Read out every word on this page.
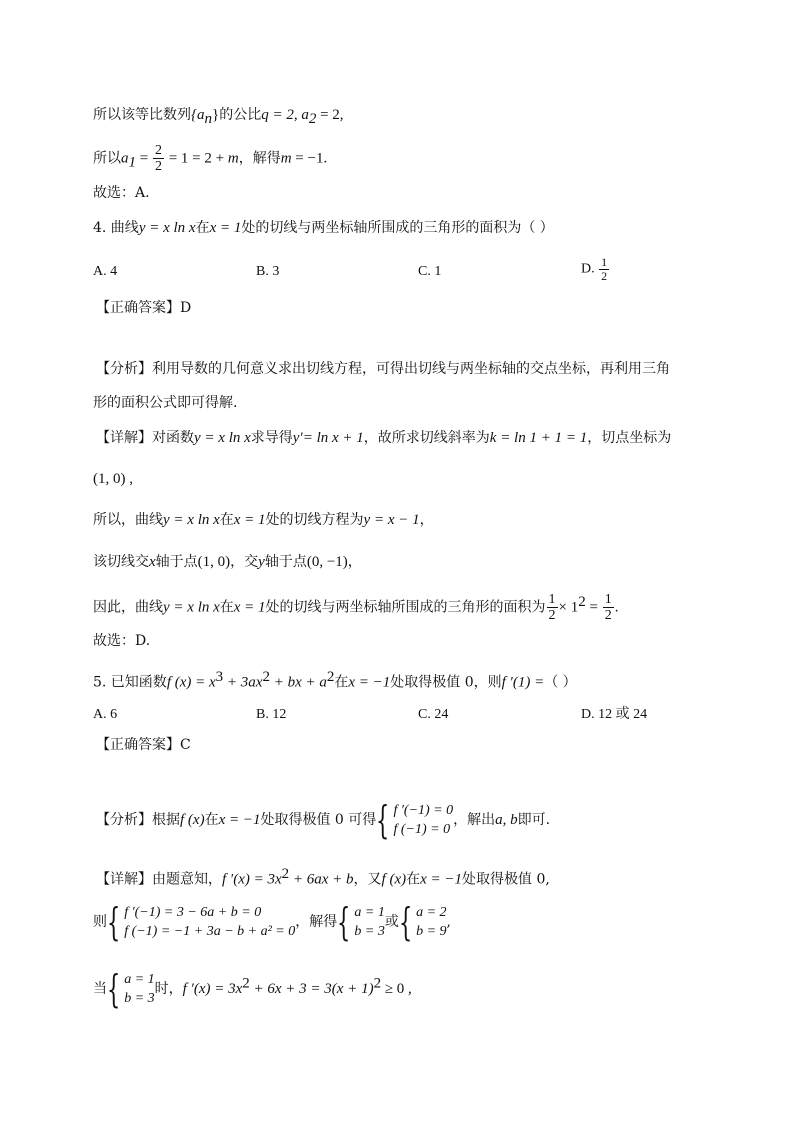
所以该等比数列$\{a_n\}$的公比q = 2, $a_2 = 2$,
所以$a_1 = \frac{2}{2} = 1 = 2 + m$，解得m = −1.
故选：A.
4. 曲线y = x ln x在x = 1处的切线与两坐标轴所围成的三角形的面积为（ ）
A. 4	B. 3	C. 1	D. $\frac{1}{2}$
【正确答案】D
【分析】利用导数的几何意义求出切线方程，可得出切线与两坐标轴的交点坐标，再利用三角
形的面积公式即可得解.
【详解】对函数y = x ln x求导得y′= ln x + 1，故所求切线斜率为k = ln 1 + 1 = 1，切点坐标为
(1, 0) ,
所以，曲线y = x ln x在x = 1处的切线方程为y = x − 1，
该切线交x轴于点(1, 0)，交y轴于点(0, −1)，
因此，曲线y = x ln x在x = 1处的切线与两坐标轴所围成的三角形的面积为 $\frac{1}{2} \times 1^2 = \frac{1}{2}$ .
故选：D.
5. 已知函数f $(x) = x^3 + 3ax^2$ + bx + $a^2$在x = −1处取得极值 0，则f ′(1) =（ ）
A. 6	B. 12	C. 24	D. 12 或 24
【正确答案】C
【分析】根据f (x)在x = −1处取得极值 0 可得{ f ′(−1) = 0
f (−1) = 0
，解出a, b即可.
【详解】由题意知，f $'(x) = 3x^2 + 6ax + b$，又f (x)在x = −1处取得极值 0,
则{ f ′(−1) = 3 − 6a + b = 0
f (−1) = −1 + 3a − b + a² = 0
，解得{ a = 1
b = 3
或{ a = 2
b = 9
,
当{ a = 1
b = 3
时，f $'(x) = 3x^2 + 6x + 3 = 3(x + 1)^2 \ge 0$ ,
